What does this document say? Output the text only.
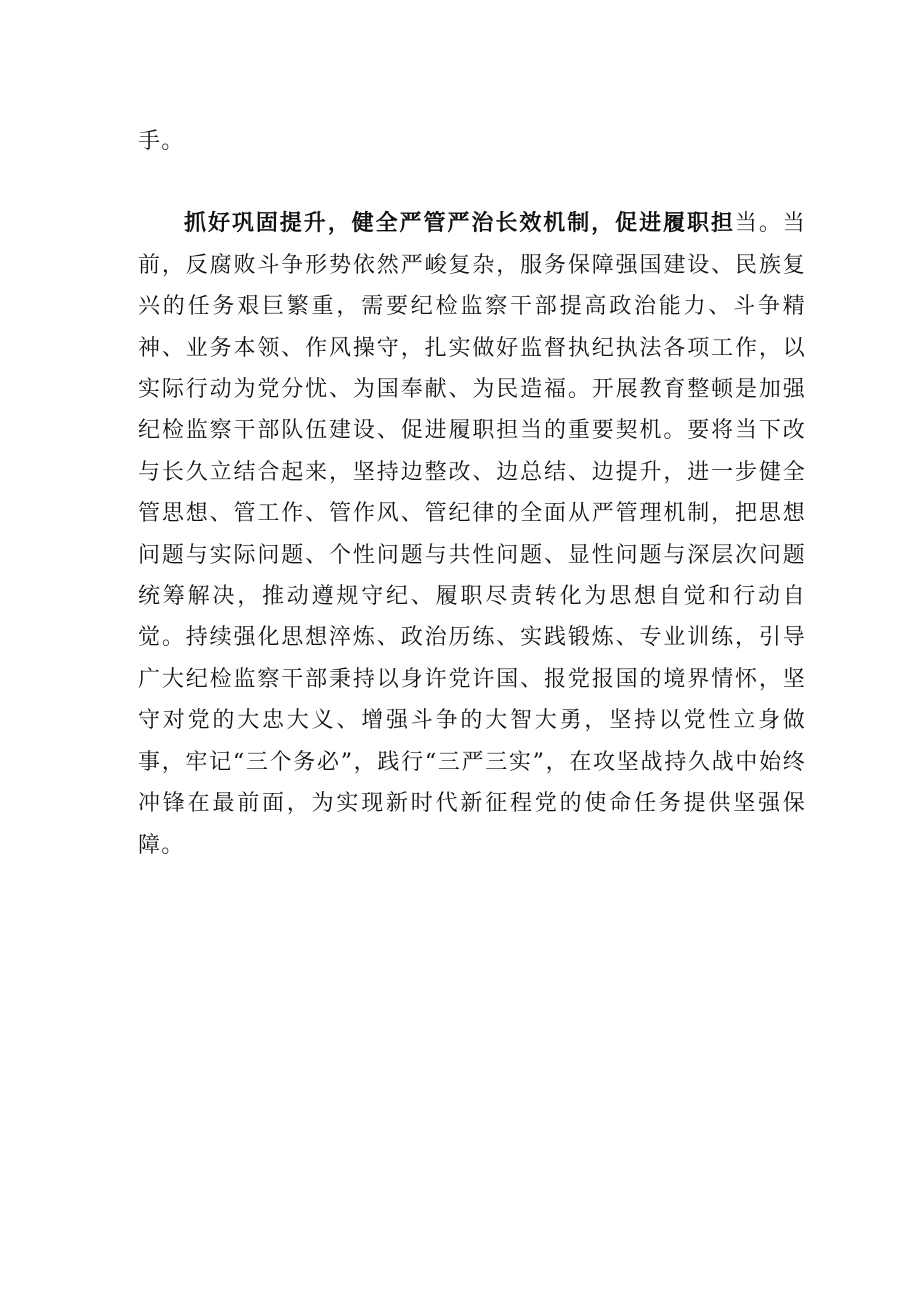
手。

抓好巩固提升，健全严管严治长效机制，促进履职担当。当前，反腐败斗争形势依然严峻复杂，服务保障强国建设、民族复兴的任务艰巨繁重，需要纪检监察干部提高政治能力、斗争精神、业务本领、作风操守，扎实做好监督执纪执法各项工作，以实际行动为党分忧、为国奉献、为民造福。开展教育整顿是加强纪检监察干部队伍建设、促进履职担当的重要契机。要将当下改与长久立结合起来，坚持边整改、边总结、边提升，进一步健全管思想、管工作、管作风、管纪律的全面从严管理机制，把思想问题与实际问题、个性问题与共性问题、显性问题与深层次问题统筹解决，推动遵规守纪、履职尽责转化为思想自觉和行动自觉。持续强化思想淬炼、政治历练、实践锻炼、专业训练，引导广大纪检监察干部秉持以身许党许国、报党报国的境界情怀，坚守对党的大忠大义、增强斗争的大智大勇，坚持以党性立身做事，牢记“三个务必”，践行“三严三实”，在攻坚战持久战中始终冲锋在最前面，为实现新时代新征程党的使命任务提供坚强保障。
